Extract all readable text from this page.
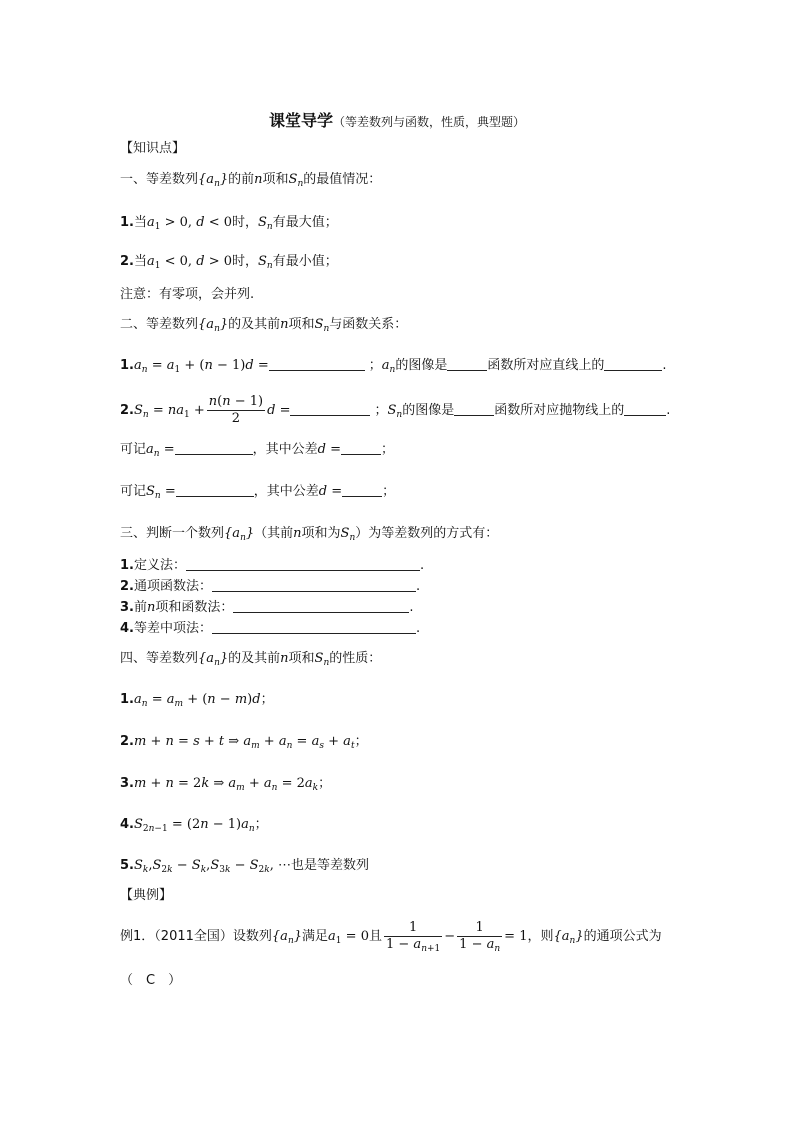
课堂导学（等差数列与函数，性质，典型题）
【知识点】
一、等差数列$\{a_n\}$的前n项和$S_n$的最值情况：
1.当$a_1 > 0$, d < 0时，$S_n$有最大值；
2.当$a_1 < 0$, d > 0时，$S_n$有最小值；
注意：有零项，会并列.
二、等差数列$\{a_n\}$的及其前n项和$S_n$与函数关系：
$1.a_n = a_1 + (n - 1)d$ =	；$a_n$的图像是	函数所对应直线上的	.
$2.S_n = na_1 + \frac{n(n - 1)}{2}$ d =	；$S_n$的图像是	函数所对应抛物线上的	.
可记$a_n$ =	，其中公差d =	；
可记$S_n$ =	，其中公差d =	；
三、判断一个数列$\{a_n\}$（其前n项和为$S_n$）为等差数列的方式有：
1.定义法：	.
2.通项函数法：	.
3.前n项和函数法：	.
4.等差中项法：	.
四、等差数列$\{a_n\}$的及其前n项和$S_n$的性质：
$1.a_n = a_m + (n - m)d$；
2.m + n = s + t ⇒ $a_m + a_n = a_s + a_t$；
3.m + n = 2k ⇒ $a_m + a_n = 2a_k$；
$4.S_{2n-1} = (2n - 1)a_n$；
$5.S_k,S_{2k} - S_k,S_{3k} - S_{2k}$, ⋯也是等差数列
【典例】
例1．（2011全国）设数列$\{a_n\}$满足$a_1 = 0$且 $\frac{1}{1 - a_{n+1}} - \frac{1}{1 - a_n} = 1$，则$\{a_n\}$的通项公式为
（　C　）
